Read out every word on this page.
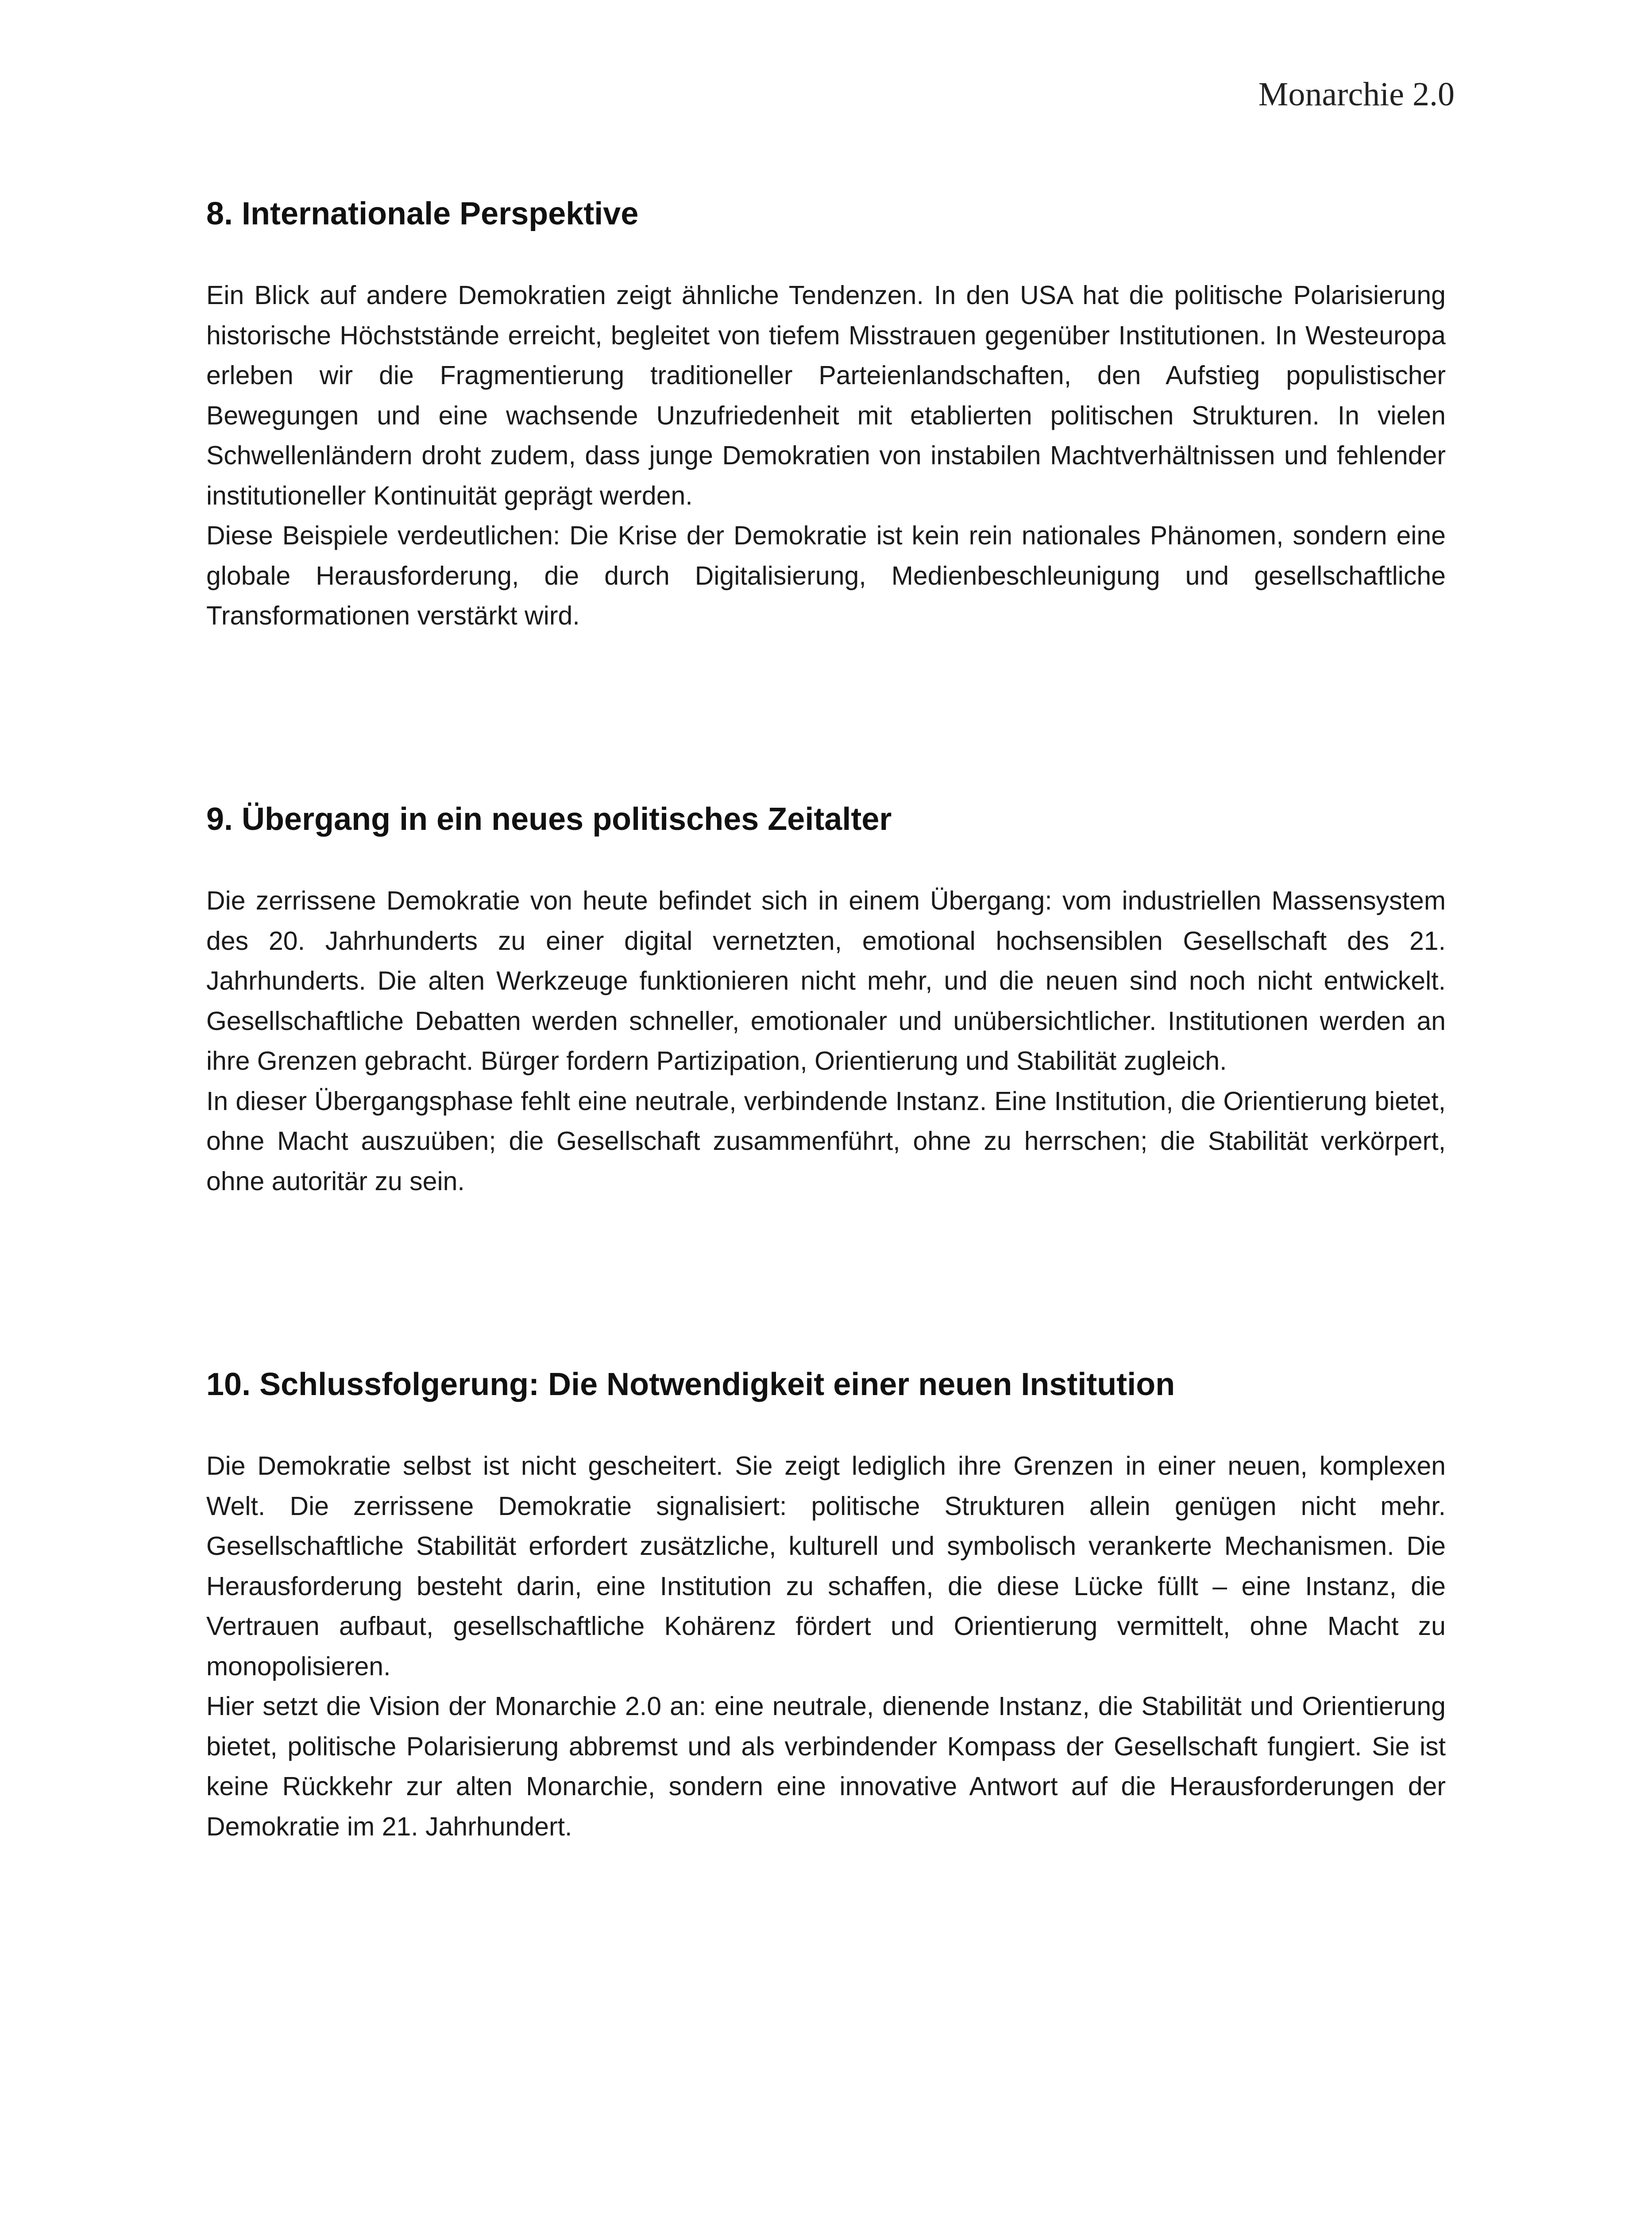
Monarchie 2.0
8. Internationale Perspektive

Ein Blick auf andere Demokratien zeigt ähnliche Tendenzen. In den USA hat die politische Polarisierung historische Höchststände erreicht, begleitet von tiefem Misstrauen gegenüber Institutionen. In Westeuropa erleben wir die Fragmentierung traditioneller Parteienlandschaften, den Aufstieg populistischer Bewegungen und eine wachsende Unzufriedenheit mit etablierten politischen Strukturen. In vielen Schwellenländern droht zudem, dass junge Demokratien von instabilen Machtverhältnissen und fehlender institutioneller Kontinuität geprägt werden.

Diese Beispiele verdeutlichen: Die Krise der Demokratie ist kein rein nationales Phänomen, sondern eine globale Herausforderung, die durch Digitalisierung, Medienbeschleunigung und gesellschaftliche Transformationen verstärkt wird.

9. Übergang in ein neues politisches Zeitalter

Die zerrissene Demokratie von heute befindet sich in einem Übergang: vom industriellen Massensystem des 20. Jahrhunderts zu einer digital vernetzten, emotional hochsensiblen Gesellschaft des 21. Jahrhunderts. Die alten Werkzeuge funktionieren nicht mehr, und die neuen sind noch nicht entwickelt. Gesellschaftliche Debatten werden schneller, emotionaler und unübersichtlicher. Institutionen werden an ihre Grenzen gebracht. Bürger fordern Partizipation, Orientierung und Stabilität zugleich.

In dieser Übergangsphase fehlt eine neutrale, verbindende Instanz. Eine Institution, die Orientierung bietet, ohne Macht auszuüben; die Gesellschaft zusammenführt, ohne zu herrschen; die Stabilität verkörpert, ohne autoritär zu sein.

10. Schlussfolgerung: Die Notwendigkeit einer neuen Institution

Die Demokratie selbst ist nicht gescheitert. Sie zeigt lediglich ihre Grenzen in einer neuen, komplexen Welt. Die zerrissene Demokratie signalisiert: politische Strukturen allein genügen nicht mehr. Gesellschaftliche Stabilität erfordert zusätzliche, kulturell und symbolisch verankerte Mechanismen. Die Herausforderung besteht darin, eine Institution zu schaffen, die diese Lücke füllt – eine Instanz, die Vertrauen aufbaut, gesellschaftliche Kohärenz fördert und Orientierung vermittelt, ohne Macht zu monopolisieren.

Hier setzt die Vision der Monarchie 2.0 an: eine neutrale, dienende Instanz, die Stabilität und Orientierung bietet, politische Polarisierung abbremst und als verbindender Kompass der Gesellschaft fungiert. Sie ist keine Rückkehr zur alten Monarchie, sondern eine innovative Antwort auf die Herausforderungen der Demokratie im 21. Jahrhundert.
